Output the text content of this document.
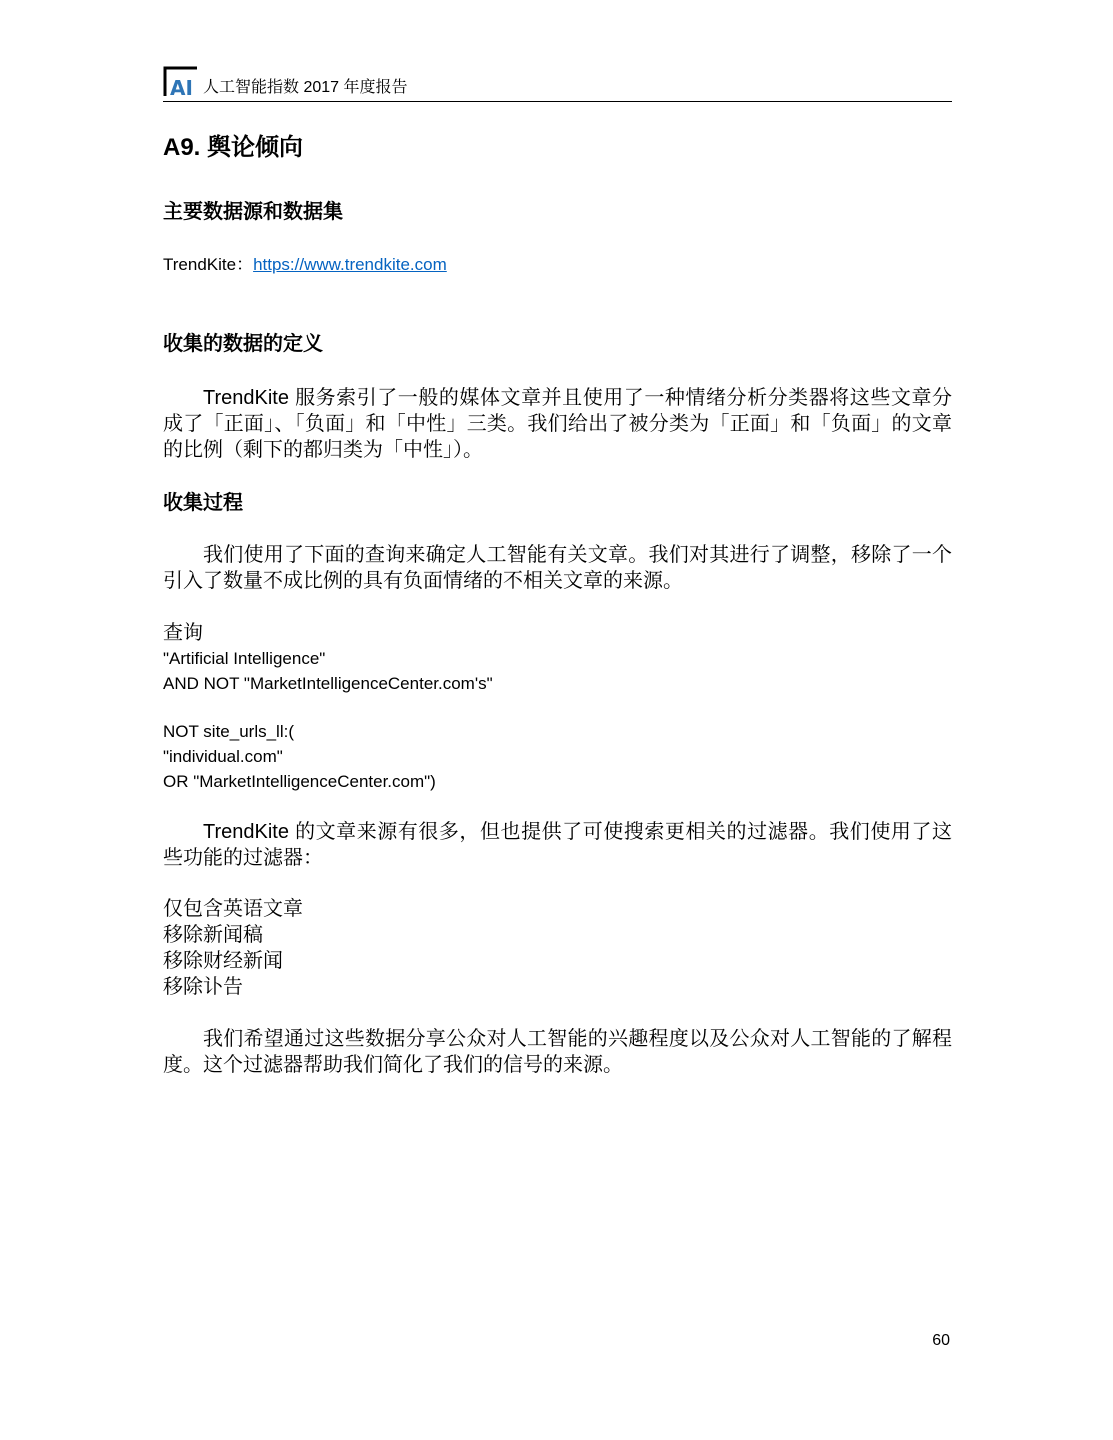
AI 人工智能指数 2017 年度报告
A9. 舆论倾向
主要数据源和数据集
TrendKite：https://www.trendkite.com
收集的数据的定义
TrendKite 服务索引了一般的媒体文章并且使用了一种情绪分析分类器将这些文章分成了「正面」、「负面」和「中性」三类。我们给出了被分类为「正面」和「负面」的文章的比例（剩下的都归类为「中性」）。
收集过程
我们使用了下面的查询来确定人工智能有关文章。我们对其进行了调整，移除了一个引入了数量不成比例的具有负面情绪的不相关文章的来源。
查询
"Artificial Intelligence"
AND NOT "MarketIntelligenceCenter.com's"
NOT site_urls_ll:(
"individual.com"
OR "MarketIntelligenceCenter.com")
TrendKite 的文章来源有很多，但也提供了可使搜索更相关的过滤器。我们使用了这些功能的过滤器：
仅包含英语文章
移除新闻稿
移除财经新闻
移除讣告
我们希望通过这些数据分享公众对人工智能的兴趣程度以及公众对人工智能的了解程度。这个过滤器帮助我们简化了我们的信号的来源。
60
